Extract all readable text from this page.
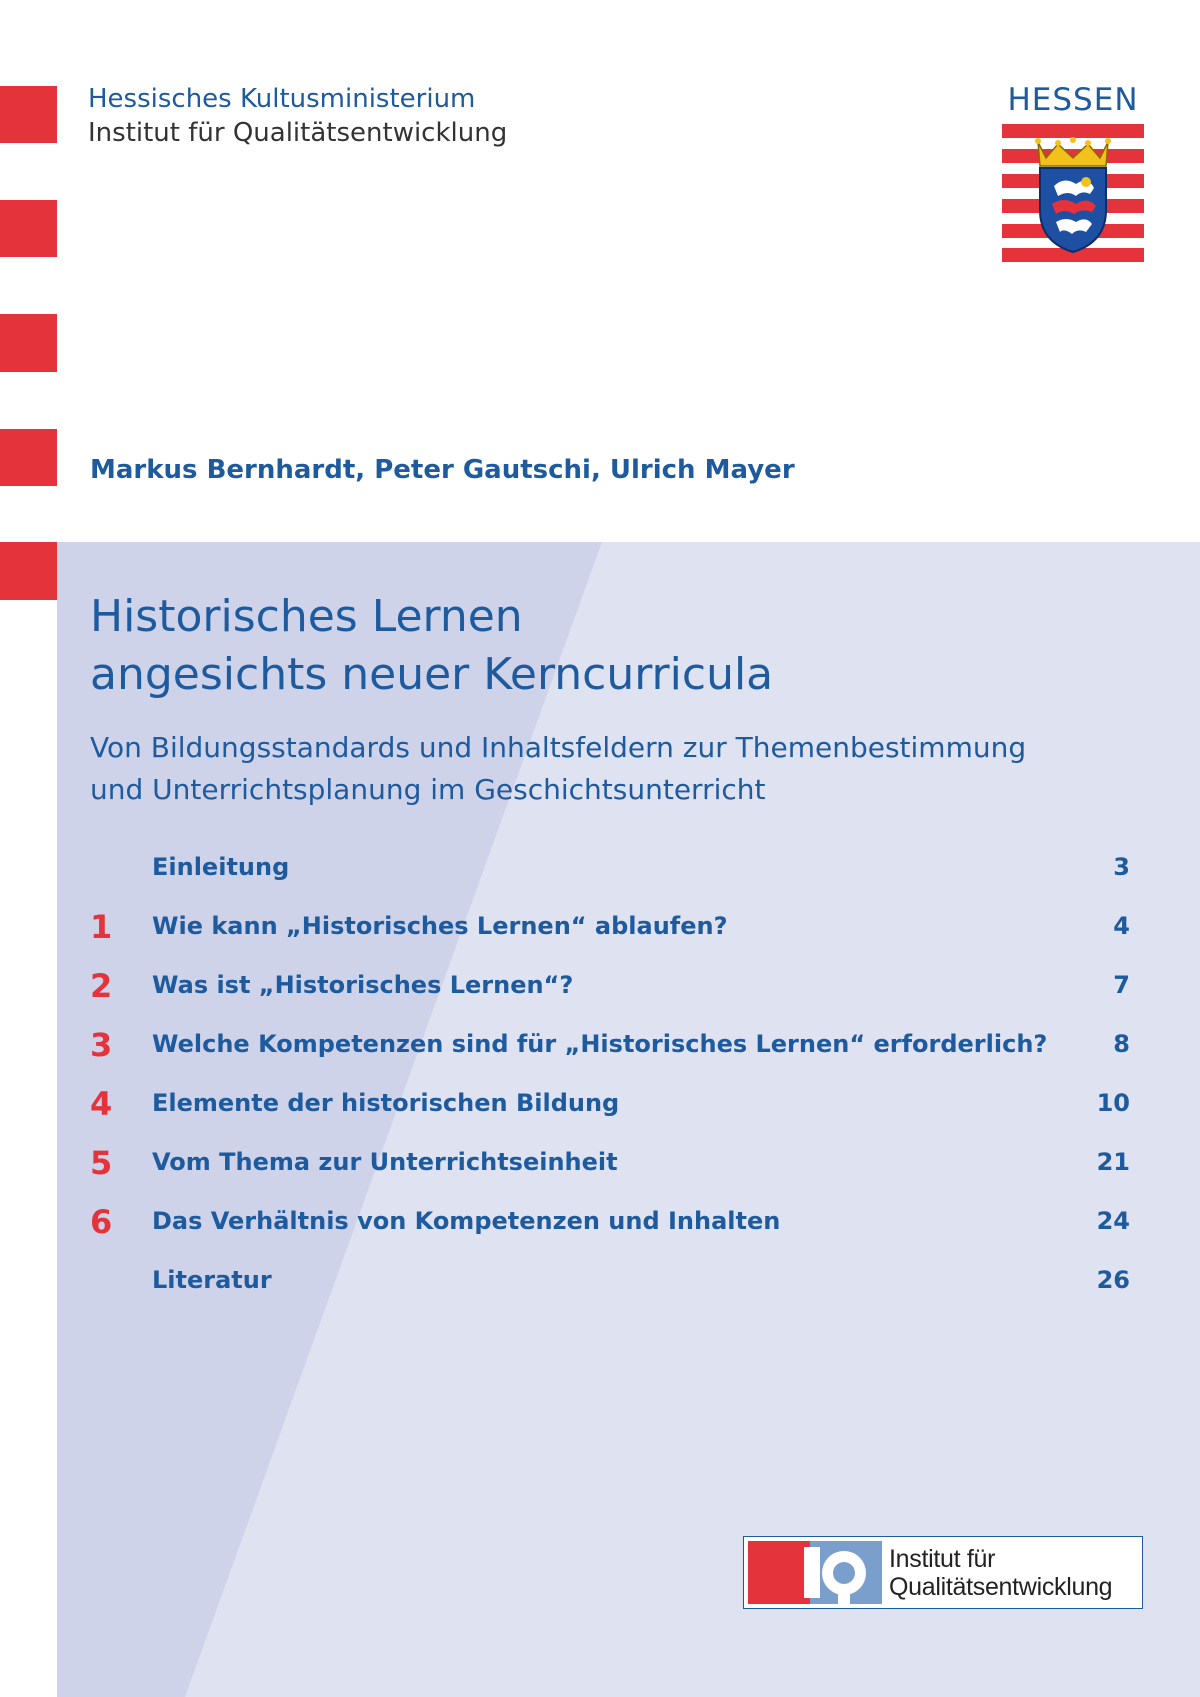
Hessisches Kultusministerium
Institut für Qualitätsentwicklung
HESSEN
Markus Bernhardt, Peter Gautschi, Ulrich Mayer
Historisches Lernen
angesichts neuer Kerncurricula
Von Bildungsstandards und Inhaltsfeldern zur Themenbestimmung
und Unterrichtsplanung im Geschichtsunterricht
Einleitung	3
1	Wie kann „Historisches Lernen“ ablaufen?	4
2	Was ist „Historisches Lernen“?	7
3	Welche Kompetenzen sind für „Historisches Lernen“ erforderlich?	8
4	Elemente der historischen Bildung	10
5	Vom Thema zur Unterrichtseinheit	21
6	Das Verhältnis von Kompetenzen und Inhalten	24
Literatur	26
Institut für
Qualitätsentwicklung
